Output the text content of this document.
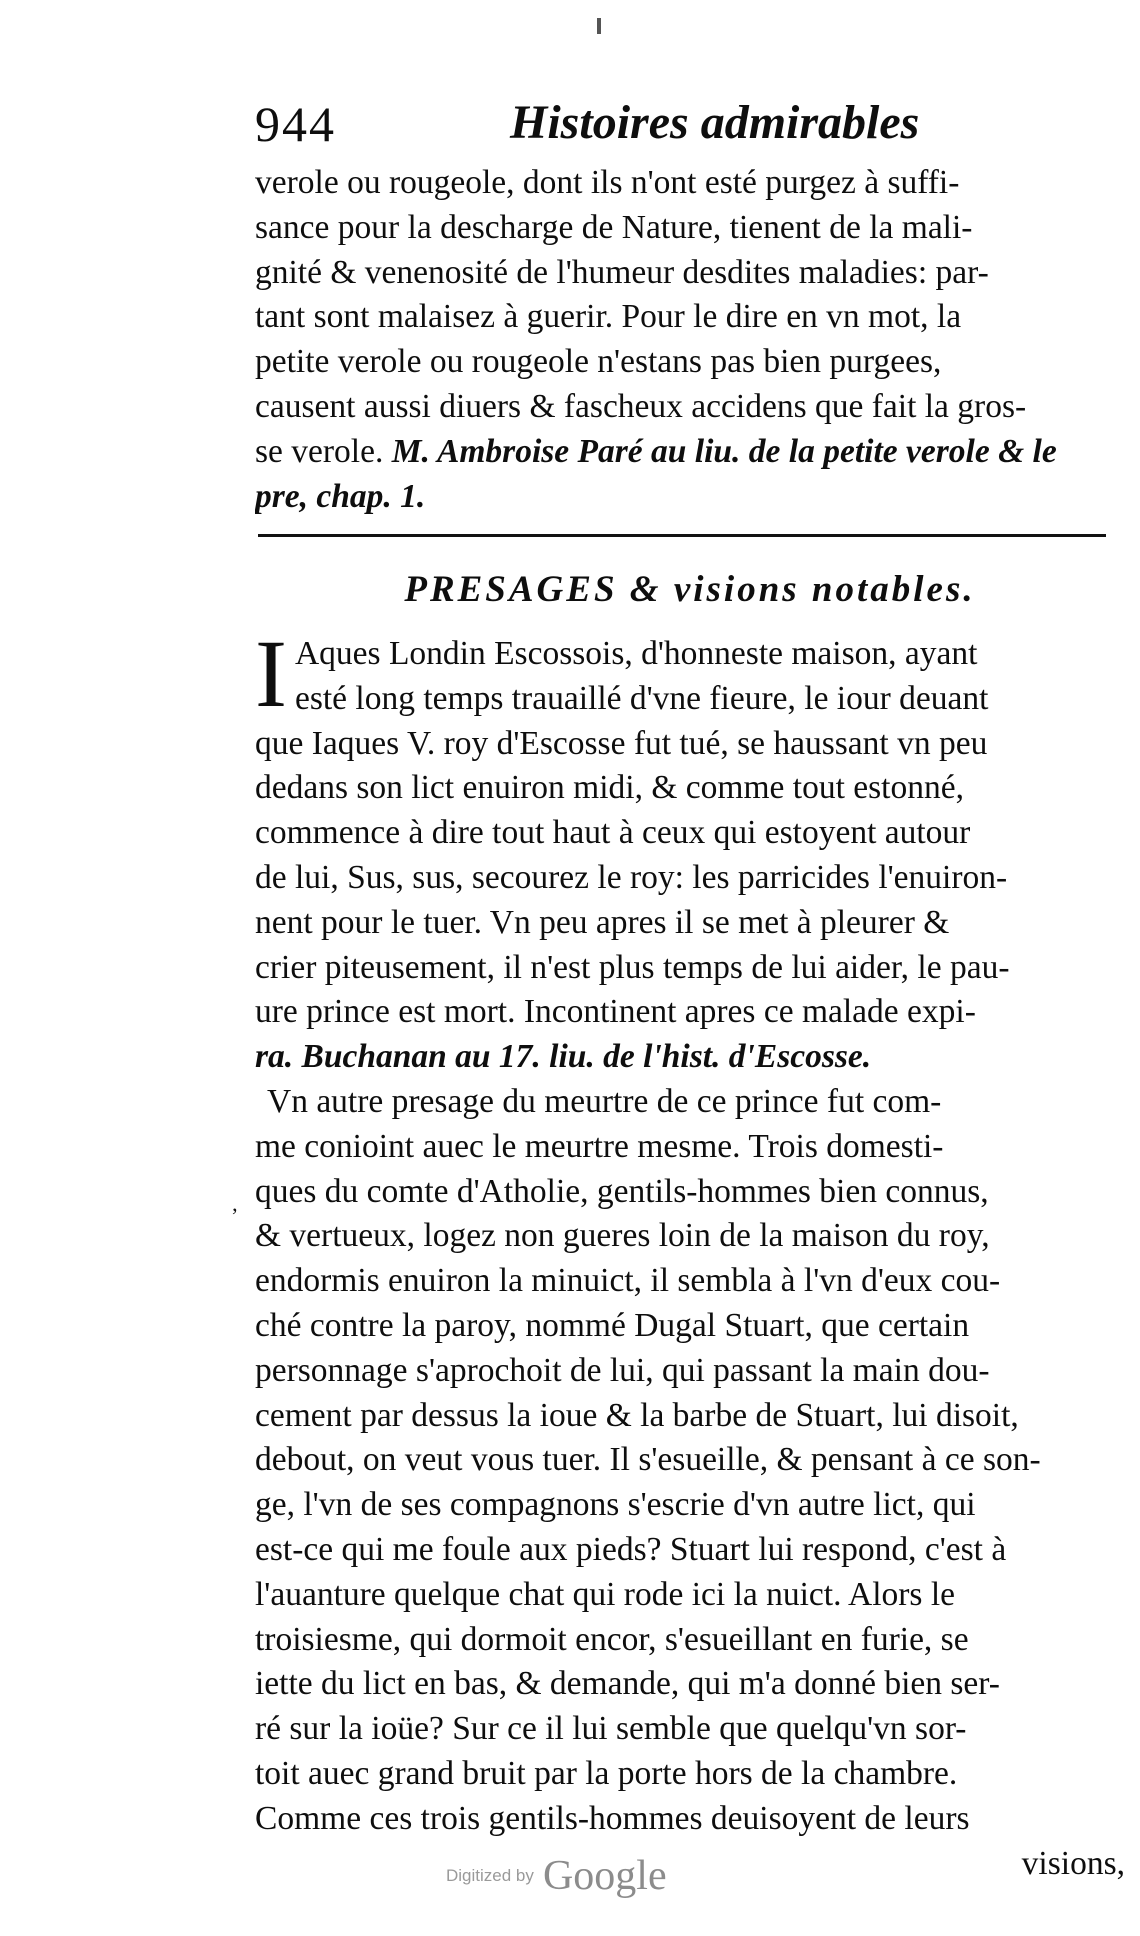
944	Histoires admirables
verole ou rougeole, dont ils n'ont esté purgez à suffi-
sance pour la descharge de Nature, tienent de la mali-
gnité & venenosité de l'humeur desdites maladies: par-
tant sont malaisez à guerir. Pour le dire en vn mot, la
petite verole ou rougeole n'estans pas bien purgees,
causent aussi diuers & fascheux accidens que fait la gros-
se verole. M. Ambroise Paré au liu. de la petite verole & le
pre, chap. 1.
PRESAGES & visions notables.
I Aques Londin Escossois, d'honneste maison, ayant
esté long temps trauaillé d'vne fieure, le iour deuant
que Iaques V. roy d'Escosse fut tué, se haussant vn peu
dedans son lict enuiron midi, & comme tout estonné,
commence à dire tout haut à ceux qui estoyent autour
de lui, Sus, sus, secourez le roy: les parricides l'enuiron-
nent pour le tuer. Vn peu apres il se met à pleurer &
crier piteusement, il n'est plus temps de lui aider, le pau-
ure prince est mort. Incontinent apres ce malade expi-
ra. Buchanan au 17. liu. de l'hist. d'Escosse.
Vn autre presage du meurtre de ce prince fut com-
me conioint auec le meurtre mesme. Trois domesti-
ques du comte d'Atholie, gentils-hommes bien connus,
& vertueux, logez non gueres loin de la maison du roy,
endormis enuiron la minuict, il sembla à l'vn d'eux cou-
ché contre la paroy, nommé Dugal Stuart, que certain
personnage s'aprochoit de lui, qui passant la main dou-
cement par dessus la ioue & la barbe de Stuart, lui disoit,
debout, on veut vous tuer. Il s'esueille, & pensant à ce son-
ge, l'vn de ses compagnons s'escrie d'vn autre lict, qui
est-ce qui me foule aux pieds? Stuart lui respond, c'est à
l'auanture quelque chat qui rode ici la nuict. Alors le
troisiesme, qui dormoit encor, s'esueillant en furie, se
iette du lict en bas, & demande, qui m'a donné bien ser-
ré sur la ioüe? Sur ce il lui semble que quelqu'vn sor-
toit auec grand bruit par la porte hors de la chambre.
Comme ces trois gentils-hommes deuisoyent de leurs
visions,
’
Digitized by Google
